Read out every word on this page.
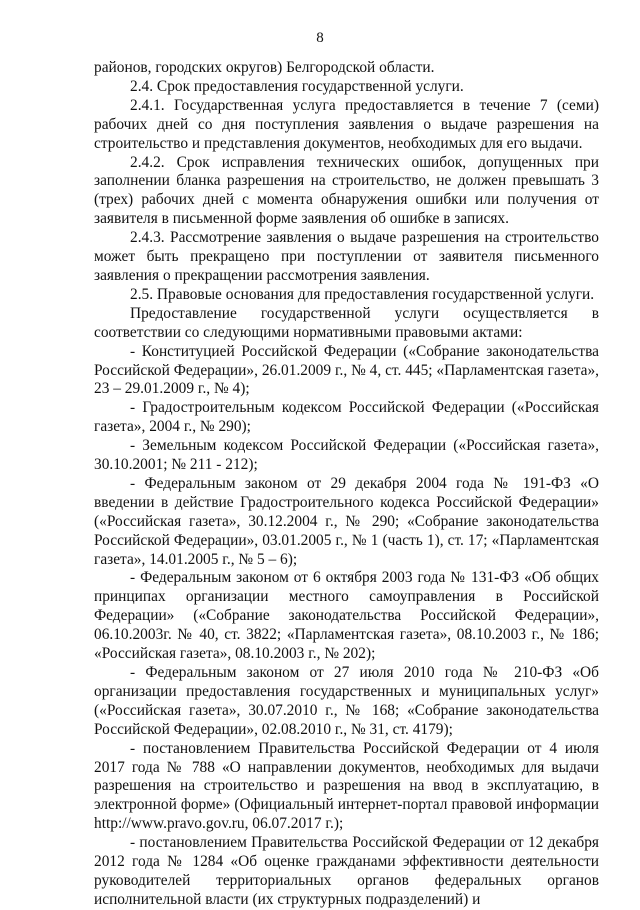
8

районов, городских округов) Белгородской области.

2.4. Срок предоставления государственной услуги.

2.4.1. Государственная услуга предоставляется в течение 7 (семи) рабочих дней со дня поступления заявления о выдаче разрешения на строительство и представления документов, необходимых для его выдачи.

2.4.2. Срок исправления технических ошибок, допущенных при заполнении бланка разрешения на строительство, не должен превышать 3 (трех) рабочих дней с момента обнаружения ошибки или получения от заявителя в письменной форме заявления об ошибке в записях.

2.4.3. Рассмотрение заявления о выдаче разрешения на строительство может быть прекращено при поступлении от заявителя письменного заявления о прекращении рассмотрения заявления.

2.5. Правовые основания для предоставления государственной услуги.

Предоставление государственной услуги осуществляется в соответствии со следующими нормативными правовыми актами:

- Конституцией Российской Федерации («Собрание законодательства Российской Федерации», 26.01.2009 г., № 4, ст. 445; «Парламентская газета», 23 – 29.01.2009 г., № 4);

- Градостроительным кодексом Российской Федерации («Российская газета», 2004 г., № 290);

- Земельным кодексом Российской Федерации («Российская газета», 30.10.2001; № 211 - 212);

- Федеральным законом от 29 декабря 2004 года № 191-ФЗ «О введении в действие Градостроительного кодекса Российской Федерации» («Российская газета», 30.12.2004 г., № 290; «Собрание законодательства Российской Федерации», 03.01.2005 г., № 1 (часть 1), ст. 17; «Парламентская газета», 14.01.2005 г., № 5 – 6);

- Федеральным законом от 6 октября 2003 года № 131-ФЗ «Об общих принципах организации местного самоуправления в Российской Федерации» («Собрание законодательства Российской Федерации», 06.10.2003г. № 40, ст. 3822; «Парламентская газета», 08.10.2003 г., № 186; «Российская газета», 08.10.2003 г., № 202);

- Федеральным законом от 27 июля 2010 года № 210-ФЗ «Об организации предоставления государственных и муниципальных услуг» («Российская газета», 30.07.2010 г., № 168; «Собрание законодательства Российской Федерации», 02.08.2010 г., № 31, ст. 4179);

- постановлением Правительства Российской Федерации от 4 июля 2017 года № 788 «О направлении документов, необходимых для выдачи разрешения на строительство и разрешения на ввод в эксплуатацию, в электронной форме» (Официальный интернет-портал правовой информации http://www.pravo.gov.ru, 06.07.2017 г.);

- постановлением Правительства Российской Федерации от 12 декабря 2012 года № 1284 «Об оценке гражданами эффективности деятельности руководителей территориальных органов федеральных органов исполнительной власти (их структурных подразделений) и
